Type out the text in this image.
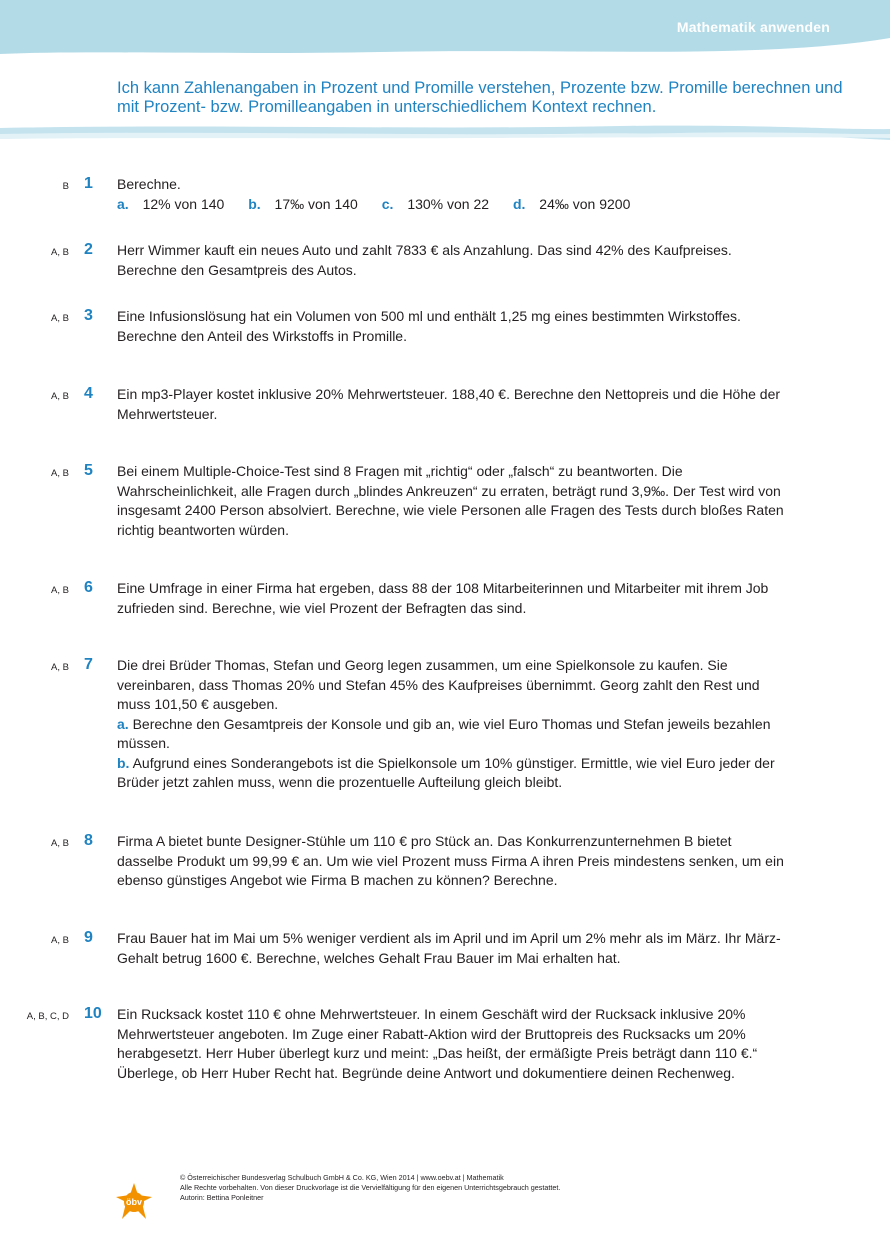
Mathematik anwenden
Ich kann Zahlenangaben in Prozent und Promille verstehen, Prozente bzw. Promille berechnen und mit Prozent- bzw. Promilleangaben in unterschiedlichem Kontext rechnen.
B 1 Berechne.

a. 12% von 140 b. 17‰ von 140 c. 130% von 22 d. 24‰ von 9200

A, B 2 Herr Wimmer kauft ein neues Auto und zahlt 7833 € als Anzahlung. Das sind 42% des Kaufpreises. Berechne den Gesamtpreis des Autos.
A, B 3 Eine Infusionslösung hat ein Volumen von 500 ml und enthält 1,25 mg eines bestimmten Wirkstoffes. Berechne den Anteil des Wirkstoffs in Promille.
A, B 4 Ein mp3-Player kostet inklusive 20% Mehrwertsteuer. 188,40 €. Berechne den Nettopreis und die Höhe der Mehrwertsteuer.
A, B 5 Bei einem Multiple-Choice-Test sind 8 Fragen mit „richtig“ oder „falsch“ zu beantworten. Die Wahrscheinlichkeit, alle Fragen durch „blindes Ankreuzen“ zu erraten, beträgt rund 3,9‰. Der Test wird von insgesamt 2400 Person absolviert. Berechne, wie viele Personen alle Fragen des Tests durch bloßes Raten richtig beantworten würden.
A, B 6 Eine Umfrage in einer Firma hat ergeben, dass 88 der 108 Mitarbeiterinnen und Mitarbeiter mit ihrem Job zufrieden sind. Berechne, wie viel Prozent der Befragten das sind.
A, B 7 Die drei Brüder Thomas, Stefan und Georg legen zusammen, um eine Spielkonsole zu kaufen. Sie vereinbaren, dass Thomas 20% und Stefan 45% des Kaufpreises übernimmt. Georg zahlt den Rest und muss 101,50 € ausgeben.

a. Berechne den Gesamtpreis der Konsole und gib an, wie viel Euro Thomas und Stefan jeweils bezahlen müssen.

b. Aufgrund eines Sonderangebots ist die Spielkonsole um 10% günstiger. Ermittle, wie viel Euro jeder der Brüder jetzt zahlen muss, wenn die prozentuelle Aufteilung gleich bleibt.

A, B 8 Firma A bietet bunte Designer-Stühle um 110 € pro Stück an. Das Konkurrenzunternehmen B bietet dasselbe Produkt um 99,99 € an. Um wie viel Prozent muss Firma A ihren Preis mindestens senken, um ein ebenso günstiges Angebot wie Firma B machen zu können? Berechne.
A, B 9 Frau Bauer hat im Mai um 5% weniger verdient als im April und im April um 2% mehr als im März. Ihr März-Gehalt betrug 1600 €. Berechne, welches Gehalt Frau Bauer im Mai erhalten hat.
A, B, C, D 10 Ein Rucksack kostet 110 € ohne Mehrwertsteuer. In einem Geschäft wird der Rucksack inklusive 20% Mehrwertsteuer angeboten. Im Zuge einer Rabatt-Aktion wird der Bruttopreis des Rucksacks um 20% herabgesetzt. Herr Huber überlegt kurz und meint: „Das heißt, der ermäßigte Preis beträgt dann 110 €.“ Überlege, ob Herr Huber Recht hat. Begründe deine Antwort und dokumentiere deinen Rechenweg.
öbv
© Österreichischer Bundesverlag Schulbuch GmbH & Co. KG, Wien 2014 | www.oebv.at | Mathematik
Alle Rechte vorbehalten. Von dieser Druckvorlage ist die Vervielfältigung für den eigenen Unterrichtsgebrauch gestattet.
Autorin: Bettina Ponleitner
